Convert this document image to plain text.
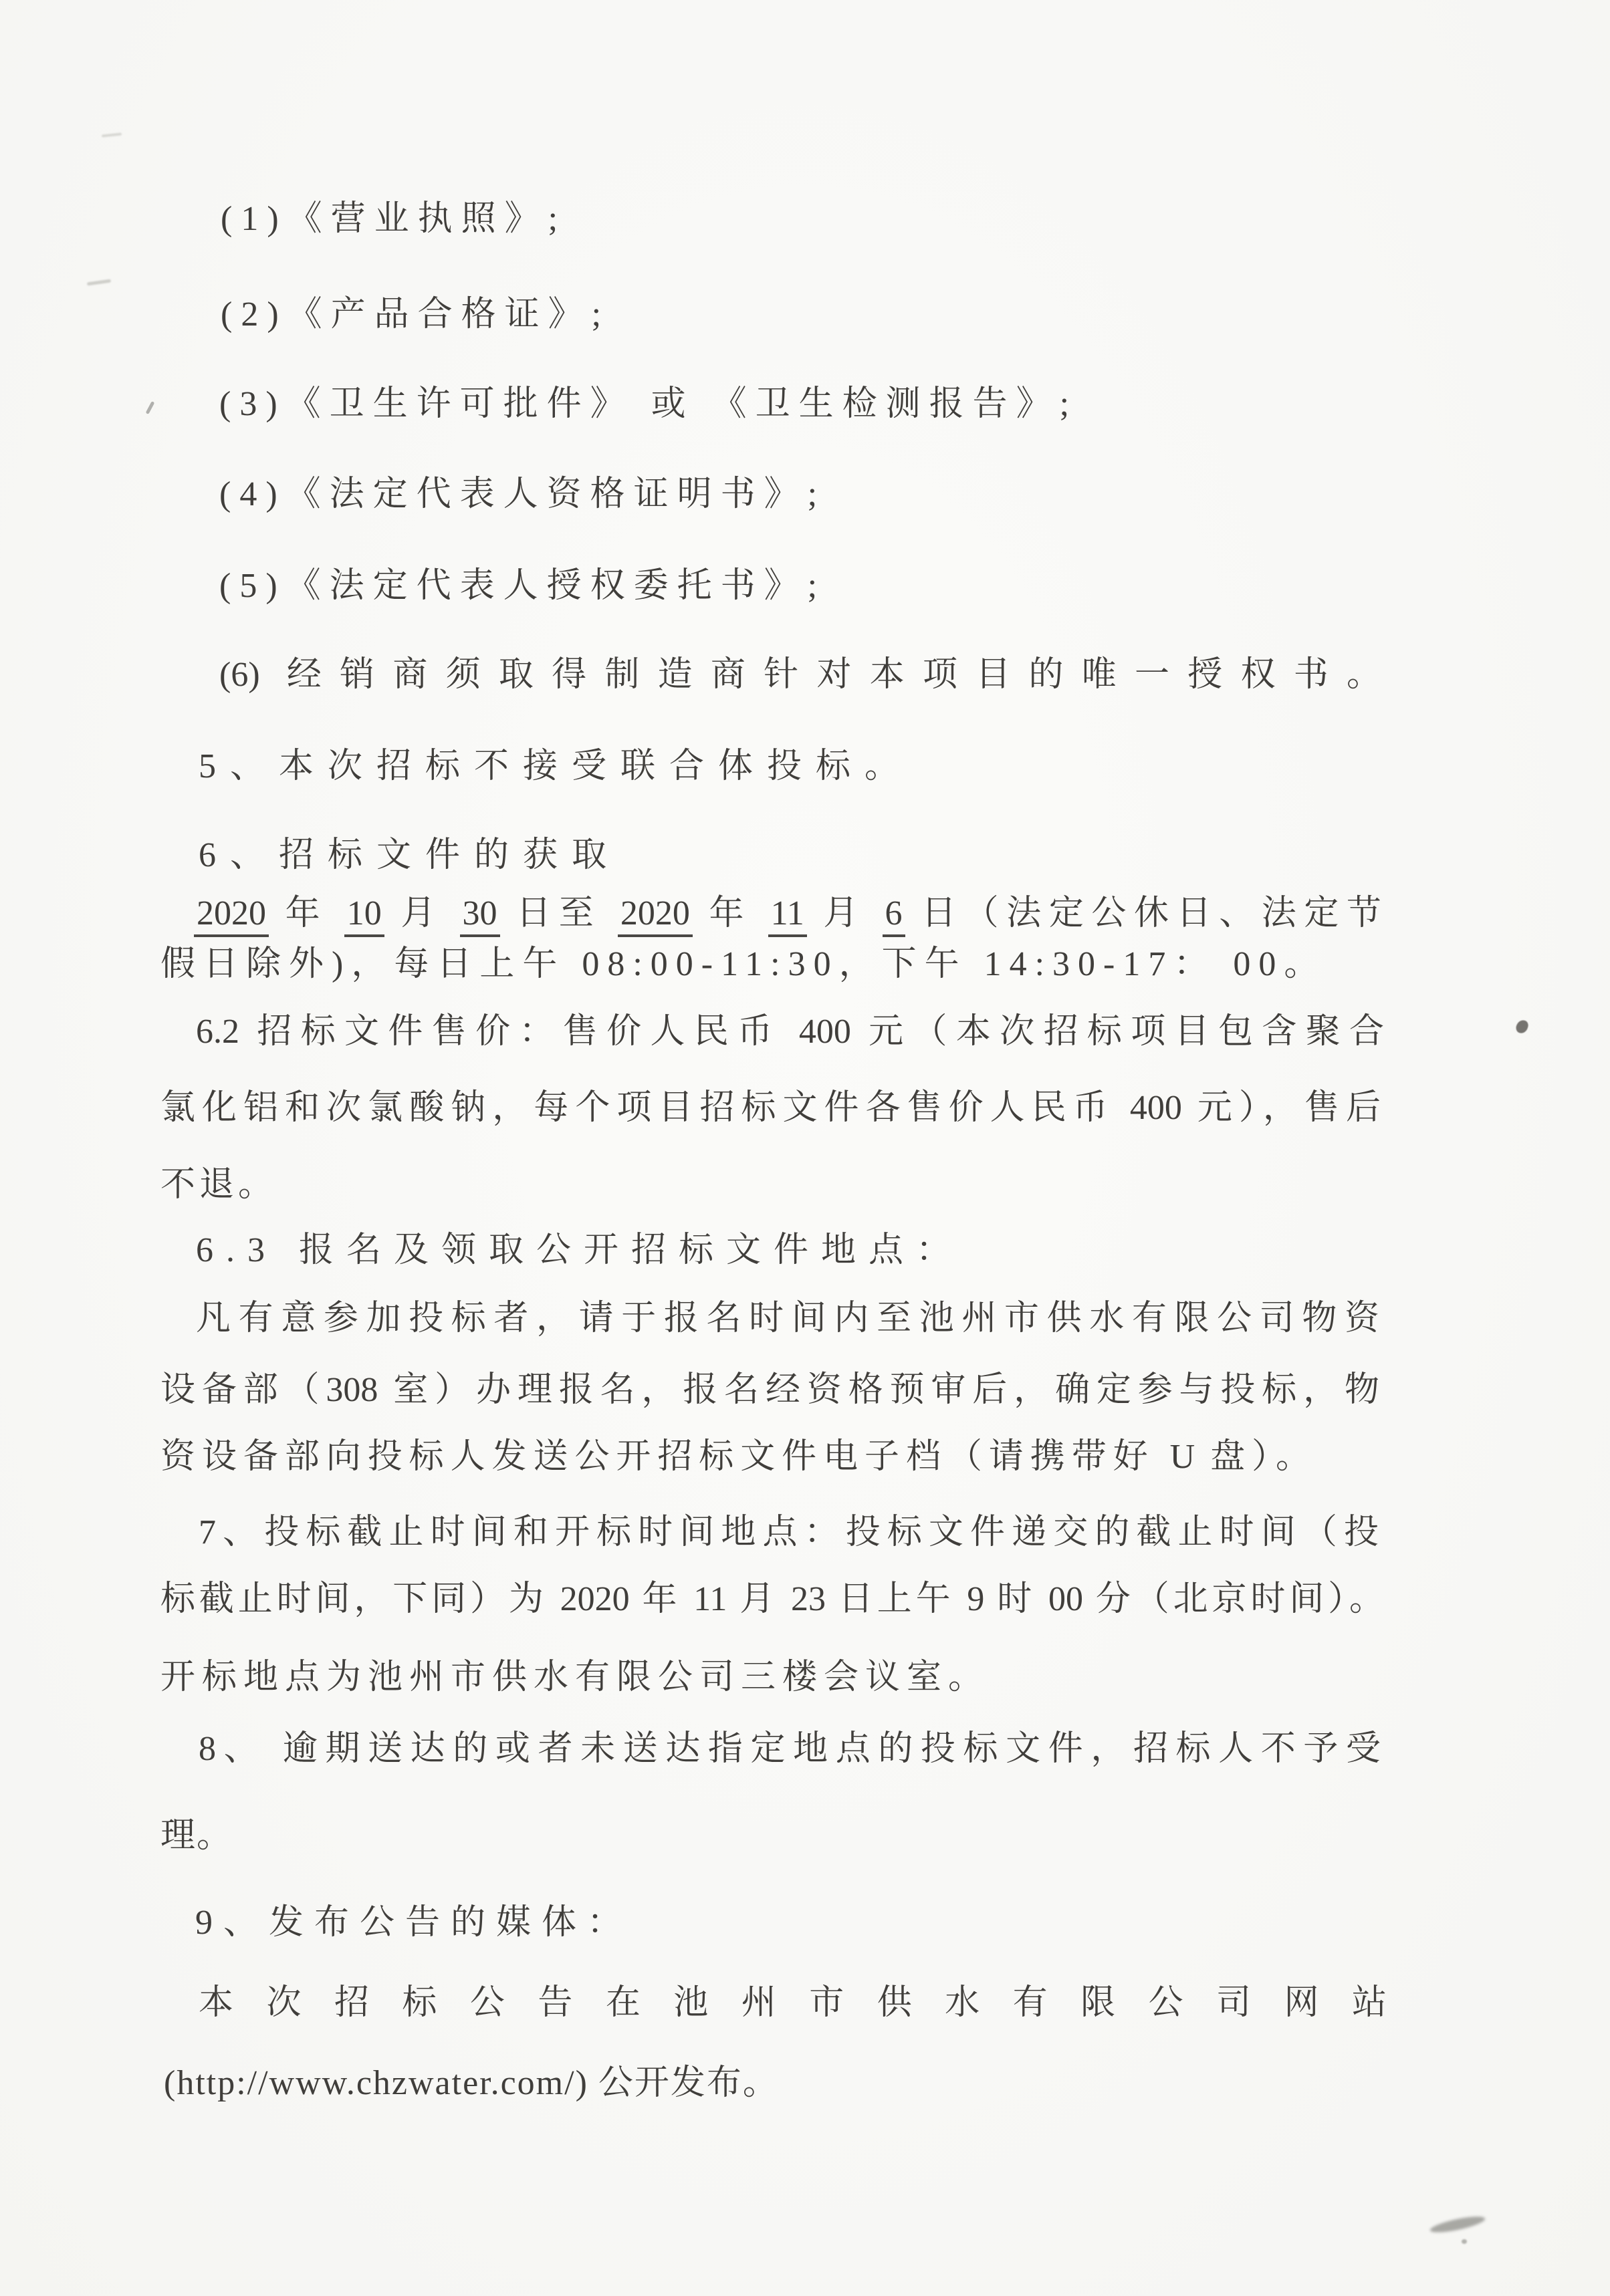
(1)《营业执照》;
(2)《产品合格证》;
(3)《卫生许可批件》 或 《卫生检测报告》;
(4)《法定代表人资格证明书》;
(5)《法定代表人授权委托书》;
(6) 经销商须取得制造商针对本项目的唯一授权书。
5、本次招标不接受联合体投标。
6、招标文件的获取
2020 年 10 月 30 日至 2020 年 11 月 6 日（法定公休日、法定节
假日除外)，每日上午 08:00-11:30，下午 14:30-17： 00。
6.2 招标文件售价：售价人民币 400 元（本次招标项目包含聚合
氯化铝和次氯酸钠，每个项目招标文件各售价人民币 400 元），售后
不退。
6.3 报名及领取公开招标文件地点：
凡有意参加投标者，请于报名时间内至池州市供水有限公司物资
设备部（308 室）办理报名，报名经资格预审后，确定参与投标，物
资设备部向投标人发送公开招标文件电子档（请携带好 U 盘）。
7、投标截止时间和开标时间地点：投标文件递交的截止时间（投
标截止时间，下同）为 2020 年 11 月 23 日上午 9 时 00 分（北京时间）。
开标地点为池州市供水有限公司三楼会议室。
8、 逾期送达的或者未送达指定地点的投标文件，招标人不予受
理。
9、发布公告的媒体：
本次招标公告在池州市供水有限公司网站
(http://www.chzwater.com/) 公开发布。
